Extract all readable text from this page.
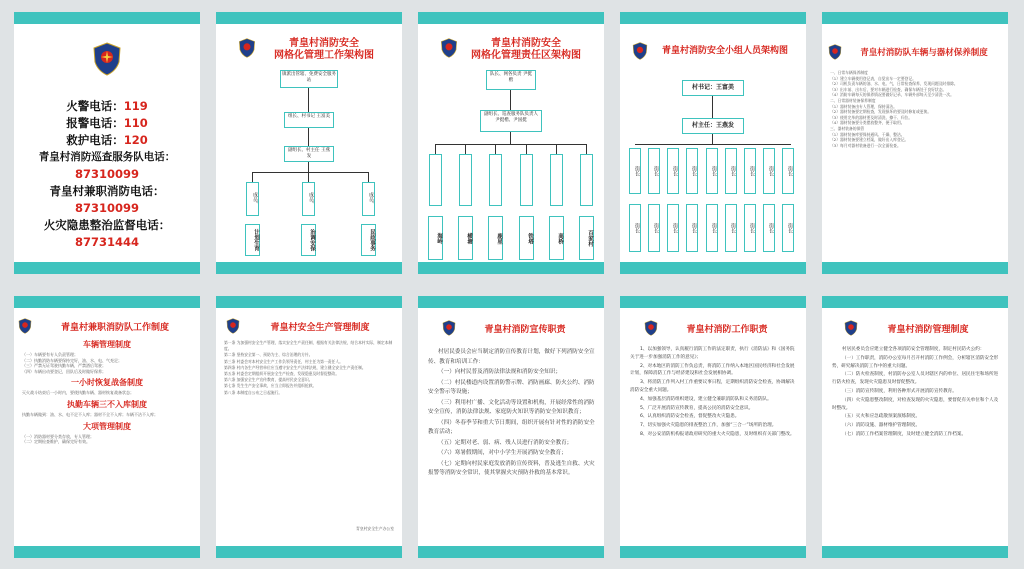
火警电话：119
报警电话：110
救护电话：120
青皇村消防巡查服务队电话：
87310099
青皇村兼职消防电话：
87310099
火灾隐患整治监督电话：
87731444
青皇村消防安全
网格化管理工作架构图
镇派出管辖、免费安全服务站
组长、村书记 王富美
副组长、村主任 王燕发
成员、	成员、	成员、
计划生育	治调安保	民政事务
青皇村消防安全
网格化管理责任区架构图
队长、网各负责 尹挺楷
副组长、巡查服务队负责人 尹挺楷、尹国挺
海岭	横塘	鹿星	铁塔	高桥	百家村
青皇村消防安全小组人员架构图
村书记：王富美
村主任：王燕发
街长	街长	街长	街长	街长	街长	街长	街长	街长
街长	街长	街长	街长	街长	街长	街长	街长	街长
青皇村消防队车辆与器材保养制度

一、日常车辆保养制度

（1）建立车辆使用登记表，自觉出车一定要登记。

（2）司机负责车辆的油、水、电、气，日常检查保养，发现问题及时排除。

（3）出车前、出车后，要对车辆进行检查，确保车辆处于良好状态。

（4）消防车辆每天的保养情况要做好记录，车辆外部每天至少清洗一次。

二、日常器材装备保养制度

（1）器材装备由专人管理，保持清洁。

（2）器材装备要定期检查，发现损坏的要及时修复或更换。

（3）使用完毕的器材要及时清洗、擦干、归位。

（4）器材装备要分类摆放整齐，便于取用。

三、器材装备的保管

（1）器材装备库要保持通风、干燥、整洁。

（2）器材装备要建立档案，做好出入库登记。

（3）每月对器材装备进行一次全面检查。

青皇村兼职消防队工作制度
车辆管理制度

（一）车辆要有专人负责管理；

（二）执勤消防车辆要保持完好，油、水、电、气充足；

（三）严禁无证驾驶执勤车辆，严禁酒后驾驶；

（四）车辆出动要登记，回队后及时做好保养；

一小时恢复战备制度

灭火战斗结束后一小时内，要使执勤车辆、器材恢复战备状态；

执勤车辆三不入库制度

执勤车辆做到：油、水、电不足不入库；器材不全不入库；车辆不洁不入库；

大项管理制度

（一）消防器材要分类存放，专人管理；

（二）定期检查维护，确保完好有效。

青皇村安全生产管理制度

第一条 为加强村安全生产管理，落实安全生产责任制，根据有关法律法规，结合本村实际，制定本制度。

第二条 坚持安全第一、预防为主、综合治理的方针。

第三条 村委会对本村安全生产工作负领导责任，村主任为第一责任人。

第四条 村内各生产经营单位应当遵守安全生产法律法规，建立健全安全生产责任制。

第五条 村委会定期组织开展安全生产检查，发现隐患及时督促整改。

第六条 加强安全生产宣传教育，提高村民安全意识。

第七条 发生生产安全事故，应当立即报告并组织抢救。

第八条 本制度自公布之日起施行。

青皇村安全生产办公室
青皇村消防宣传职责

村居民委员会应当制定消防宣传教育计划，做好下列消防安全宣传、教育和培训工作：

（一）向村民普及消防法律法规和消防安全知识；

（二）村民楼道内设置消防警示牌、消防画廊、防火公约、消防安全警示等设施；

（三）利用村广播、文化活动等设置和机构，开展经常性的消防安全宣传，消防法律法规、家庭防火知识等消防安全知识教育；

（四）冬春季节和重大节日期间，组织开展有针对性的消防安全教育活动；

（五）定期对老、弱、病、残人员进行消防安全教育；

（六）寒暑假期间，对中小学生开展消防安全教育；

（七）定期向村民家庭发放消防宣传资料，普及逃生自救、火灾报警等消防安全常识，使其掌握火灾预防扑救的基本常识。

青皇村消防工作职责

1、以加强领导，认真履行消防工作的法定职责，执行《消防法》和《国务院关于进一步加强消防工作的意见》；

2、对本地区的消防工作负总责，将消防工作纳入本地区国民经济和社会发展计划，保障消防工作与经济建设和社会发展相协调。

3、将消防工作列入村工作重要议事日程，定期组织消防安全检查，协调解决消防安全重大问题。

4、加强基层消防组织建设，建立健全兼职消防队和义务消防队。

5、广泛开展消防宣传教育，提高公民的消防安全意识。

6、认真组织消防安全检查，督促整改火灾隐患。

7、切实加强火灾隐患的排查整治工作，加强“三合一”场所的治理。

8、对公安消防机构报请政府研究的重大火灾隐患，及时组织有关部门整改。

青皇村消防管理制度

村居民委员会应建立健全各项消防安全管理制度，制定村民防火公约：

（一）工作职责，消防办公室每月召开村消防工作例会，分析辖区消防安全形势，研究解决消防工作中的重大问题。

（二）防火检查制度，村消防办公室人员对辖区内的单位、居民住宅和场所进行防火检查，发现火灾隐患及时督促整改。

（三）消防宣传制度，利用各种形式开展消防宣传教育。

（四）火灾隐患整改制度，对检查发现的火灾隐患，要督促有关单位和个人及时整改。

（五）灭火和应急疏散预案演练制度。

（六）消防设施、器材维护管理制度。

（七）消防工作档案管理制度，及时建立健全消防工作档案。
